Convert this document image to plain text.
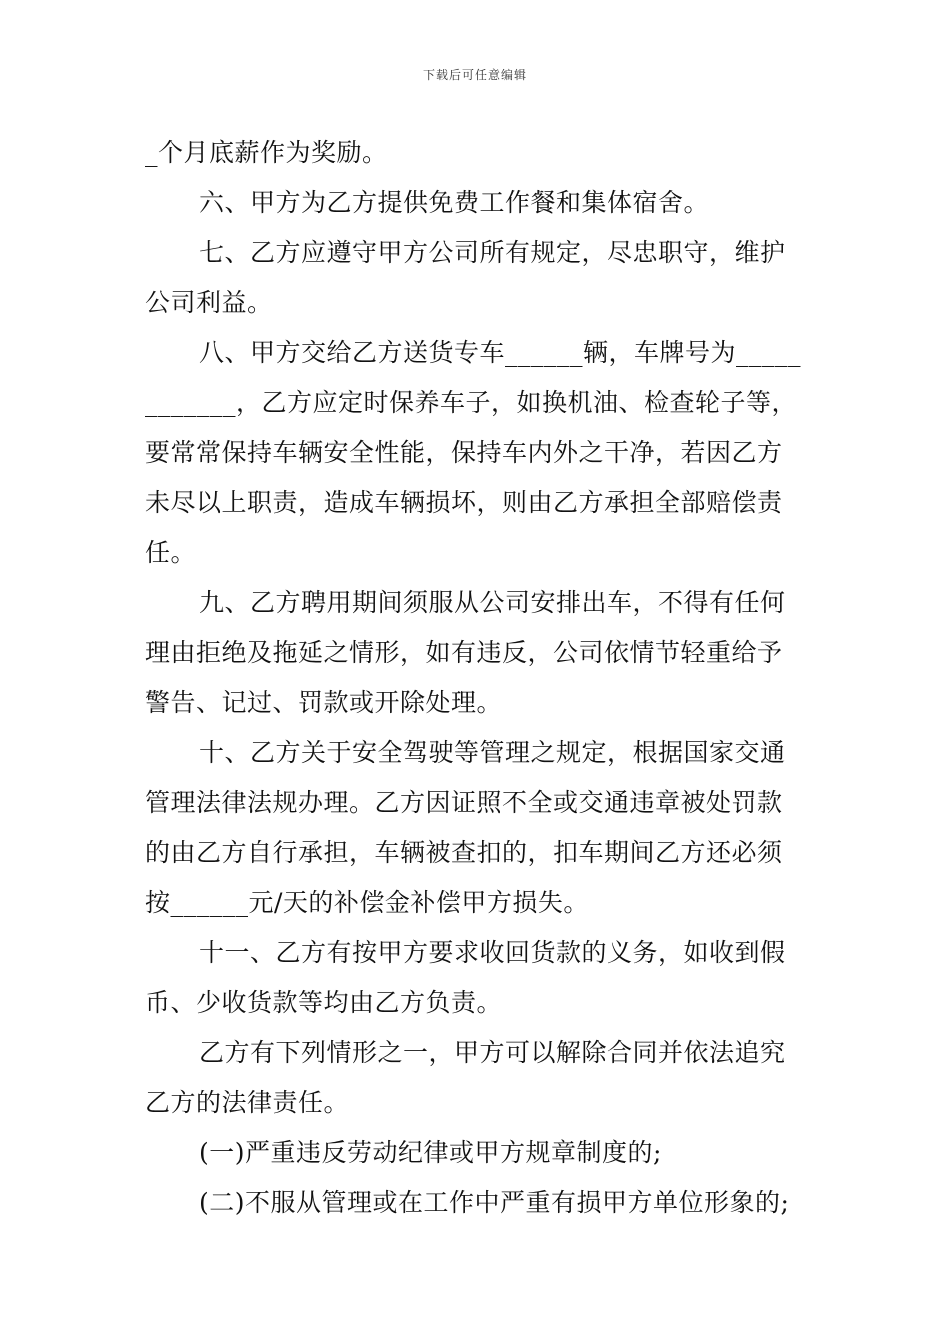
下载后可任意编辑
_个月底薪作为奖励。
六、甲方为乙方提供免费工作餐和集体宿舍。
七、乙方应遵守甲方公司所有规定，尽忠职守，维护
公司利益。
八、甲方交给乙方送货专车______辆，车牌号为_____
_______，乙方应定时保养车子，如换机油、检查轮子等，
要常常保持车辆安全性能，保持车内外之干净，若因乙方
未尽以上职责，造成车辆损坏，则由乙方承担全部赔偿责
任。
九、乙方聘用期间须服从公司安排出车，不得有任何
理由拒绝及拖延之情形，如有违反，公司依情节轻重给予
警告、记过、罚款或开除处理。
十、乙方关于安全驾驶等管理之规定，根据国家交通
管理法律法规办理。乙方因证照不全或交通违章被处罚款
的由乙方自行承担，车辆被查扣的，扣车期间乙方还必须
按______元/天的补偿金补偿甲方损失。
十一、乙方有按甲方要求收回货款的义务，如收到假
币、少收货款等均由乙方负责。
乙方有下列情形之一，甲方可以解除合同并依法追究
乙方的法律责任。
(一)严重违反劳动纪律或甲方规章制度的;
(二)不服从管理或在工作中严重有损甲方单位形象的;
